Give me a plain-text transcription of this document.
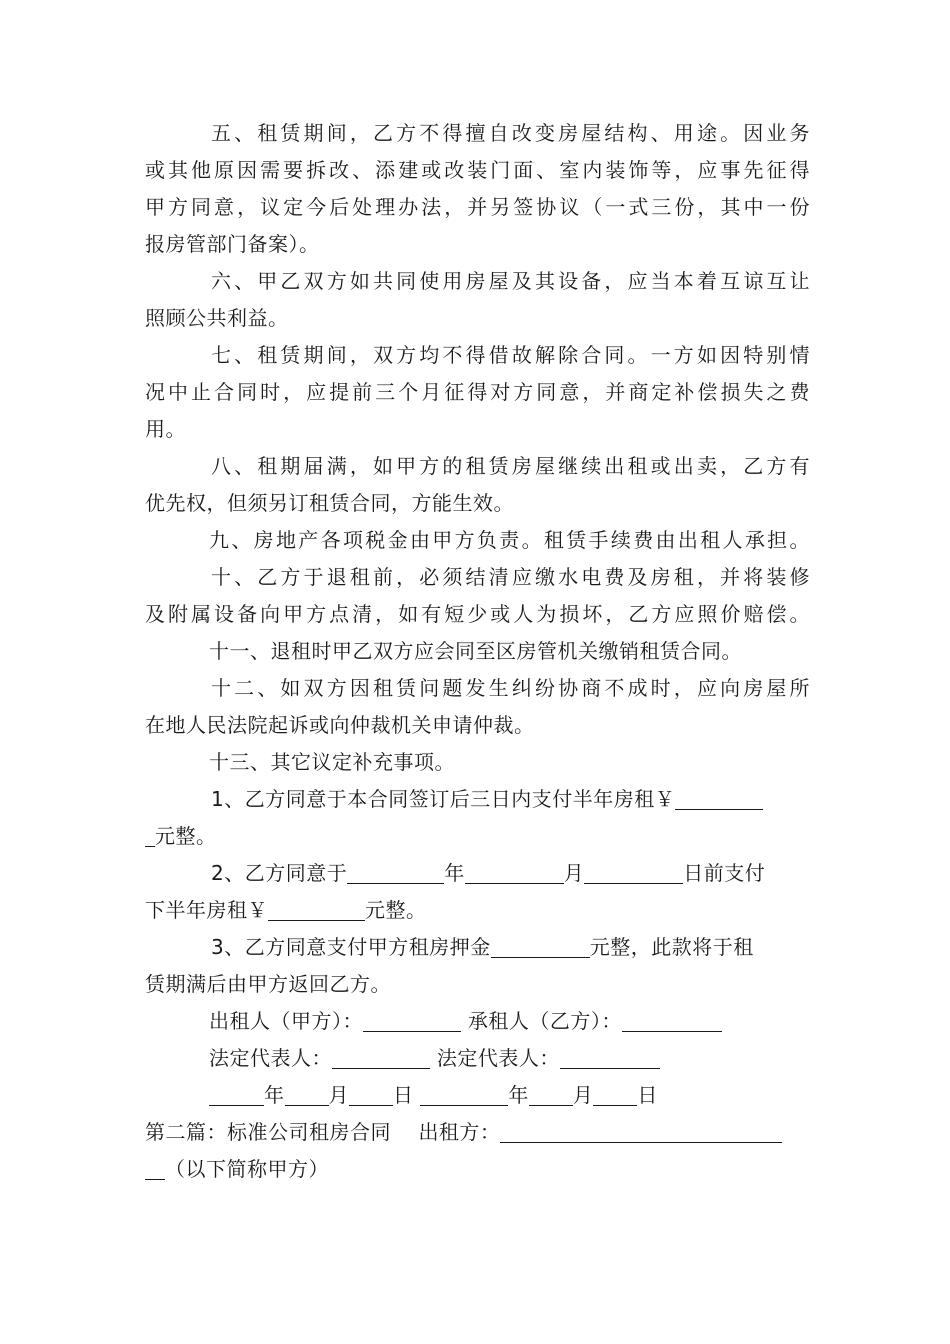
五、租赁期间，乙方不得擅自改变房屋结构、用途。因业务
或其他原因需要拆改、添建或改装门面、室内装饰等，应事先征得
甲方同意，议定今后处理办法，并另签协议（一式三份，其中一份
报房管部门备案）。
六、甲乙双方如共同使用房屋及其设备，应当本着互谅互让
照顾公共利益。
七、租赁期间，双方均不得借故解除合同。一方如因特别情
况中止合同时，应提前三个月征得对方同意，并商定补偿损失之费
用。
八、租期届满，如甲方的租赁房屋继续出租或出卖，乙方有
优先权，但须另订租赁合同，方能生效。
九、房地产各项税金由甲方负责。租赁手续费由出租人承担。
十、乙方于退租前，必须结清应缴水电费及房租，并将装修
及附属设备向甲方点清，如有短少或人为损坏，乙方应照价赔偿。
十一、退租时甲乙双方应会同至区房管机关缴销租赁合同。
十二、如双方因租赁问题发生纠纷协商不成时，应向房屋所
在地人民法院起诉或向仲裁机关申请仲裁。
十三、其它议定补充事项。
1、乙方同意于本合同签订后三日内支付半年房租￥
元整。
2、乙方同意于	年	月	日前支付
下半年房租￥	元整。
3、乙方同意支付甲方租房押金	元整，此款将于租
赁期满后由甲方返回乙方。
出租人（甲方）：	承租人（乙方）：
法定代表人：	法定代表人：
年 月 日	年 月 日
第二篇：标准公司租房合同 出租方：
（以下简称甲方）
